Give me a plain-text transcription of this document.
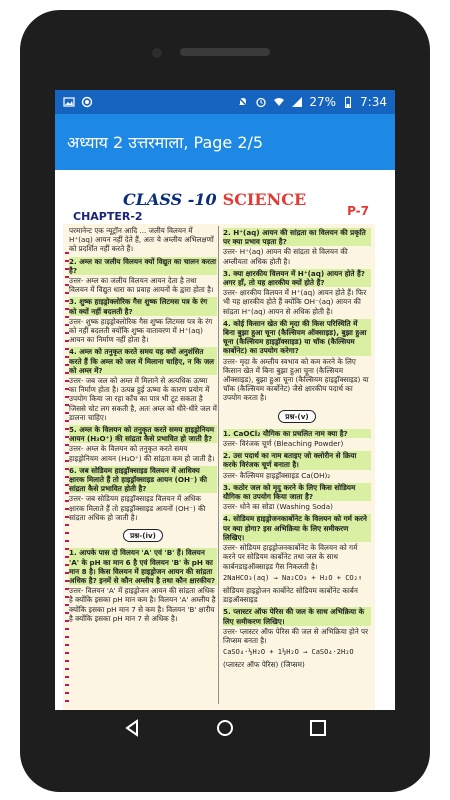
27% 7:34
अध्याय 2 उत्तरमाला, Page 2/5
CLASS -10 SCIENCE
CHAPTER-2	P-7
परमानेन्ट एक न्यूट्रॉन आदि ... जलीय विलयन में H⁺(aq) आयन नहीं देते हैं, अतः ये अम्लीय अभिलक्षणों को प्रदर्शित नहीं करते हैं।
2. अम्ल का जलीय विलयन क्यों विद्युत का चालन करता है?
उत्तर- अम्ल का जलीय विलयन आयन देता है तथा विलयन में विद्युत धारा का प्रवाह आयनों के द्वारा होता है।
3. शुष्क हाइड्रोक्लोरिक गैस शुष्क लिटमस पत्र के रंग को क्यों नहीं बदलती है?
उत्तर- शुष्क हाइड्रोक्लोरिक गैस शुष्क लिटमस पत्र के रंग को नहीं बदलती क्योंकि शुष्क वातावरण में H⁺(aq) आयन का निर्माण नहीं होता है।
4. अम्ल को तनुकृत करते समय यह क्यों अनुशंसित करते हैं कि अम्ल को जल में मिलाना चाहिए, न कि जल को अम्ल में?
उत्तर- जब जल को अम्ल में मिलाने से अत्यधिक ऊष्मा का निर्माण होता है। उत्पन्न हुई ऊष्मा के कारण प्रयोग में उपयोग किया जा रहा काँच का पात्र भी टूट सकता है जिससे चोट लग सकती है, अतः अम्ल को धीरे-धीरे जल में डालना चाहिए।
5. अम्ल के विलयन को तनुकृत करते समय हाइड्रोनियम आयन (H₃O⁺) की सांद्रता कैसे प्रभावित हो जाती है?
उत्तर- अम्ल के विलयन को तनुकृत करते समय हाइड्रोनियम आयन (H₃O⁺) की सांद्रता कम हो जाती है।
6. जब सोडियम हाइड्रॉक्साइड विलयन में आधिक्य क्षारक मिलाते हैं तो हाइड्रॉक्साइड आयन (OH⁻) की सांद्रता कैसे प्रभावित होती है?
उत्तर- जब सोडियम हाइड्रॉक्साइड विलयन में अधिक क्षारक मिलाते हैं तो हाइड्रॉक्साइड आयनों (OH⁻) की सांद्रता अधिक हो जाती है।
प्रश्न-(iv)
1. आपके पास दो विलयन 'A' एवं 'B' हैं। विलयन 'A' के pH का मान 6 है एवं विलयन 'B' के pH का मान 8 है। किस विलयन में हाइड्रोजन आयन की सांद्रता अधिक है? इनमें से कौन अम्लीय है तथा कौन क्षारकीय?
उत्तर- विलयन 'A' में हाइड्रोजन आयन की सांद्रता अधिक है क्योंकि इसका pH मान कम है। विलयन 'A' अम्लीय है क्योंकि इसका pH मान 7 से कम है। विलयन 'B' क्षारीय है क्योंकि इसका pH मान 7 से अधिक है।
2. H⁺(aq) आयन की सांद्रता का विलयन की प्रकृति पर क्या प्रभाव पड़ता है?
उत्तर- H⁺(aq) आयन की सांद्रता से विलयन की अम्लीयता अधिक होती है।
3. क्या क्षारकीय विलयन में H⁺(aq) आयन होते हैं? अगर हाँ, तो यह क्षारकीय क्यों होते हैं?
उत्तर- क्षारकीय विलयन में H⁺(aq) आयन होते हैं। फिर भी यह क्षारकीय होते हैं क्योंकि OH⁻(aq) आयन की सांद्रता H⁺(aq) आयन से अधिक होती है।
4. कोई किसान खेत की मृदा की किस परिस्थिति में बिना बुझा हुआ चूना (कैल्सियम ऑक्साइड), बुझा हुआ चूना (कैल्सियम हाइड्रॉक्साइड) या चॉक (कैल्सियम कार्बोनेट) का उपयोग करेगा?
उत्तर- मृदा के अम्लीय स्वभाव को कम करने के लिए किसान खेत में बिना बुझा हुआ चूना (कैल्सियम ऑक्साइड), बुझा हुआ चूना (कैल्सियम हाइड्रॉक्साइड) या चॉक (कैल्सियम कार्बोनेट) जैसे क्षारकीय पदार्थ का उपयोग करता है।
प्रश्न-(v)
1. CaOCl₂ यौगिक का प्रचलित नाम क्या है?
उत्तर- विरंजक चूर्ण (Bleaching Powder)
2. उस पदार्थ का नाम बताइए जो क्लोरीन से क्रिया करके विरंजक चूर्ण बनाता है।
उत्तर- कैल्सियम हाइड्रॉक्साइड Ca(OH)₂
3. कठोर जल को मृदु करने के लिए किस सोडियम यौगिक का उपयोग किया जाता है?
उत्तर- धोने का सोडा (Washing Soda)
4. सोडियम हाइड्रोजनकार्बोनेट के विलयन को गर्म करने पर क्या होगा? इस अभिक्रिया के लिए समीकरण लिखिए।
उत्तर- सोडियम हाइड्रोजनकार्बोनेट के विलयन को गर्म करने पर सोडियम कार्बोनेट तथा जल के साथ कार्बनडाइऑक्साइड गैस निकलती है।
2NaHCO₃(aq) → Na₂CO₃ + H₂O + CO₂↑
सोडियम हाइड्रोजन कार्बोनेट सोडियम कार्बोनेट कार्बन डाइऑक्साइड
5. प्लास्टर ऑफ पेरिस की जल के साथ अभिक्रिया के लिए समीकरण लिखिए।
उत्तर- प्लास्टर ऑफ पेरिस की जल से अभिक्रिया होने पर जिप्सम बनता है।
CaSO₄·½H₂O + 1½H₂O → CaSO₄·2H₂O
(प्लास्टर ऑफ पेरिस) (जिप्सम)
